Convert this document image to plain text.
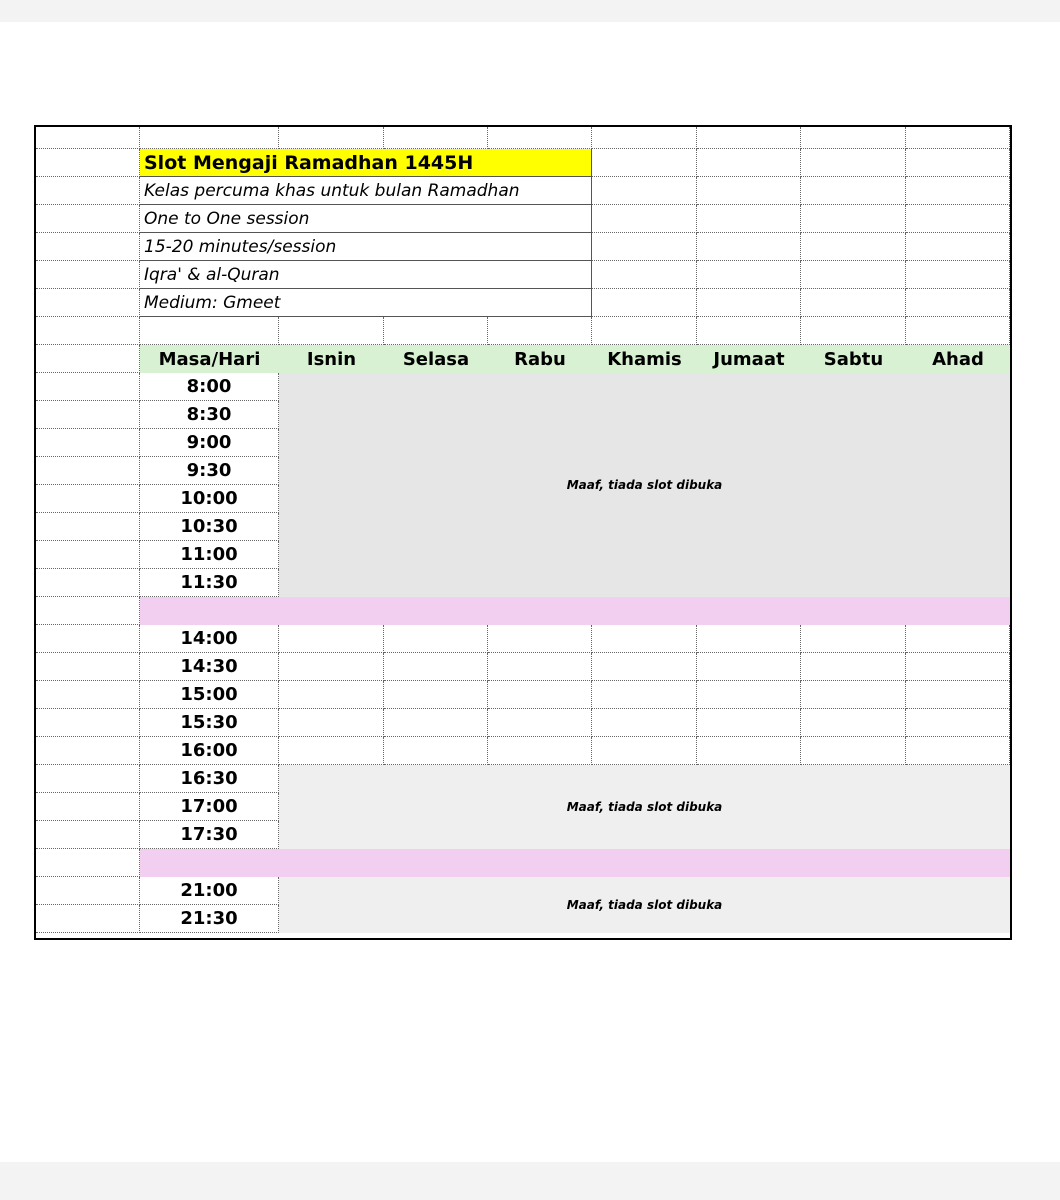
Slot Mengaji Ramadhan 1445H
Kelas percuma khas untuk bulan Ramadhan
One to One session
15-20 minutes/session
Iqra' & al-Quran
Medium: Gmeet
Masa/Hari	Isnin	Selasa	Rabu	Khamis	Jumaat	Sabtu	Ahad
8:00
8:30
9:00
9:30
10:00
10:30
11:00
11:30
Maaf, tiada slot dibuka
14:00
14:30
15:00
15:30
16:00
16:30
17:00
17:30
Maaf, tiada slot dibuka
21:00
21:30
Maaf, tiada slot dibuka
